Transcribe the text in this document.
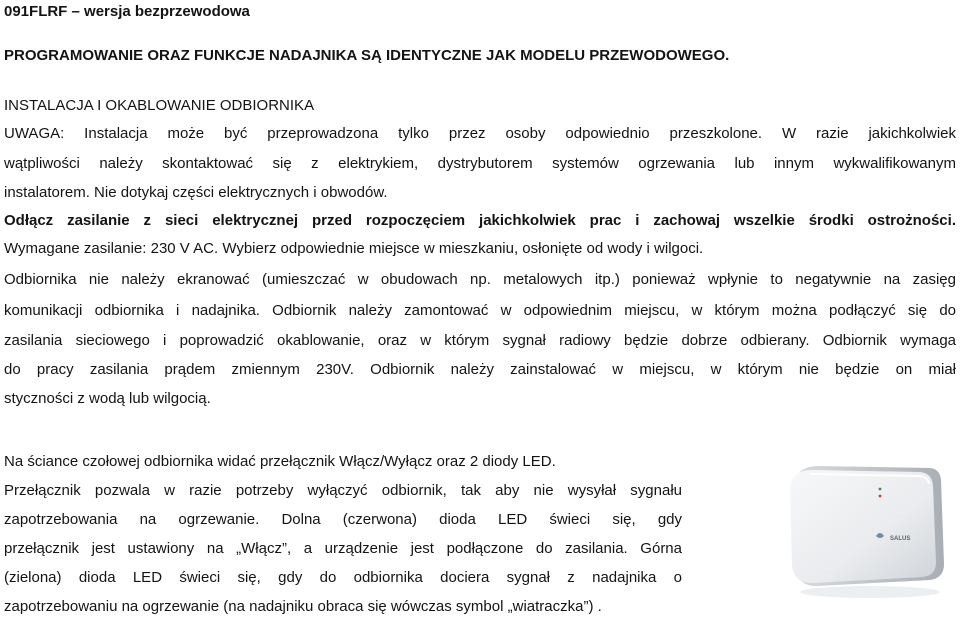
091FLRF – wersja bezprzewodowa
PROGRAMOWANIE ORAZ FUNKCJE NADAJNIKA SĄ IDENTYCZNE JAK MODELU PRZEWODOWEGO.
INSTALACJA I OKABLOWANIE ODBIORNIKA
UWAGA: Instalacja może być przeprowadzona tylko przez osoby odpowiednio przeszkolone. W razie jakichkolwiek
wątpliwości należy skontaktować się z elektrykiem, dystrybutorem systemów ogrzewania lub innym wykwalifikowanym
instalatorem. Nie dotykaj części elektrycznych i obwodów.
Odłącz zasilanie z sieci elektrycznej przed rozpoczęciem jakichkolwiek prac i zachowaj wszelkie środki ostrożności.
Wymagane zasilanie: 230 V AC. Wybierz odpowiednie miejsce w mieszkaniu, osłonięte od wody i wilgoci.
Odbiornika nie należy ekranować (umieszczać w obudowach np. metalowych itp.) ponieważ wpłynie to negatywnie na zasięg
komunikacji odbiornika i nadajnika. Odbiornik należy zamontować w odpowiednim miejscu, w którym można podłączyć się do
zasilania sieciowego i poprowadzić okablowanie, oraz w którym sygnał radiowy będzie dobrze odbierany. Odbiornik wymaga
do pracy zasilania prądem zmiennym 230V. Odbiornik należy zainstalować w miejscu, w którym nie będzie on miał
styczności z wodą lub wilgocią.
Na ściance czołowej odbiornika widać przełącznik Włącz/Wyłącz oraz 2 diody LED.
Przełącznik pozwala w razie potrzeby wyłączyć odbiornik, tak aby nie wysyłał sygnału
zapotrzebowania na ogrzewanie. Dolna (czerwona) dioda LED świeci się, gdy
przełącznik jest ustawiony na „Włącz”, a urządzenie jest podłączone do zasilania. Górna
(zielona) dioda LED świeci się, gdy do odbiornika dociera sygnał z nadajnika o
zapotrzebowaniu na ogrzewanie (na nadajniku obraca się wówczas symbol „wiatraczka”) .
SALUS
